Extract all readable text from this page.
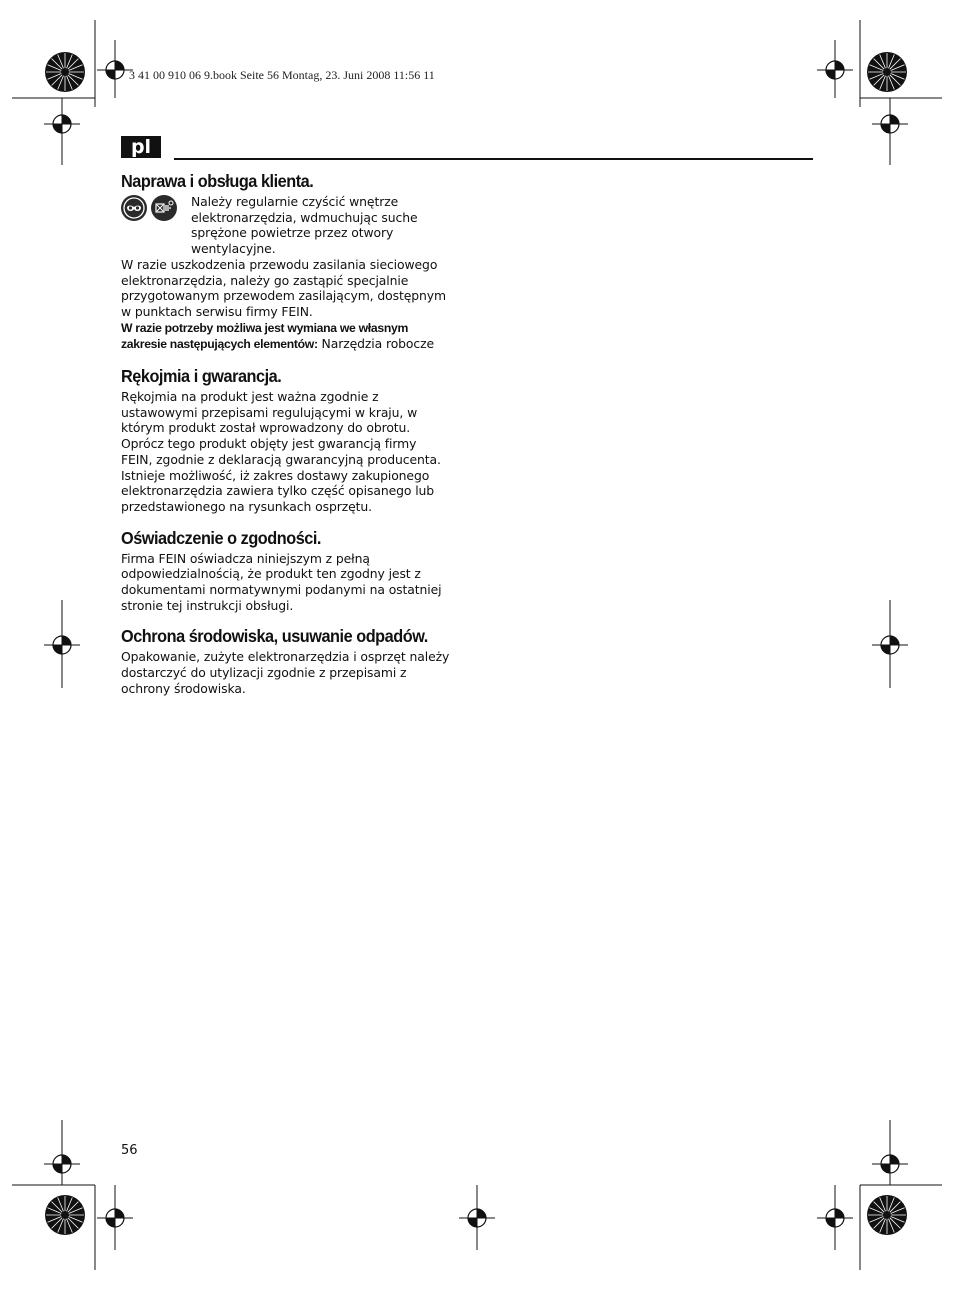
3 41 00 910 06 9.book Seite 56 Montag, 23. Juni 2008 11:56 11
pl
Naprawa i obsługa klienta.

Należy regularnie czyścić wnętrze elektronarzędzia, wdmuchując suche sprężone powietrze przez otwory wentylacyjne.

W razie uszkodzenia przewodu zasilania sieciowego elektronarzędzia, należy go zastąpić specjalnie przygotowanym przewodem zasilającym, dostępnym w punktach serwisu firmy FEIN.

W razie potrzeby możliwa jest wymiana we własnym zakresie następujących elementów: Narzędzia robocze

Rękojmia i gwarancja.

Rękojmia na produkt jest ważna zgodnie z ustawowymi przepisami regulującymi w kraju, w którym produkt został wprowadzony do obrotu. Oprócz tego produkt objęty jest gwarancją firmy FEIN, zgodnie z deklaracją gwarancyjną producenta.

Istnieje możliwość, iż zakres dostawy zakupionego elektronarzędzia zawiera tylko część opisanego lub przedstawionego na rysunkach osprzętu.

Oświadczenie o zgodności.

Firma FEIN oświadcza niniejszym z pełną odpowiedzialnością, że produkt ten zgodny jest z dokumentami normatywnymi podanymi na ostatniej stronie tej instrukcji obsługi.

Ochrona środowiska, usuwanie odpadów.

Opakowanie, zużyte elektronarzędzia i osprzęt należy dostarczyć do utylizacji zgodnie z przepisami z ochrony środowiska.

56
